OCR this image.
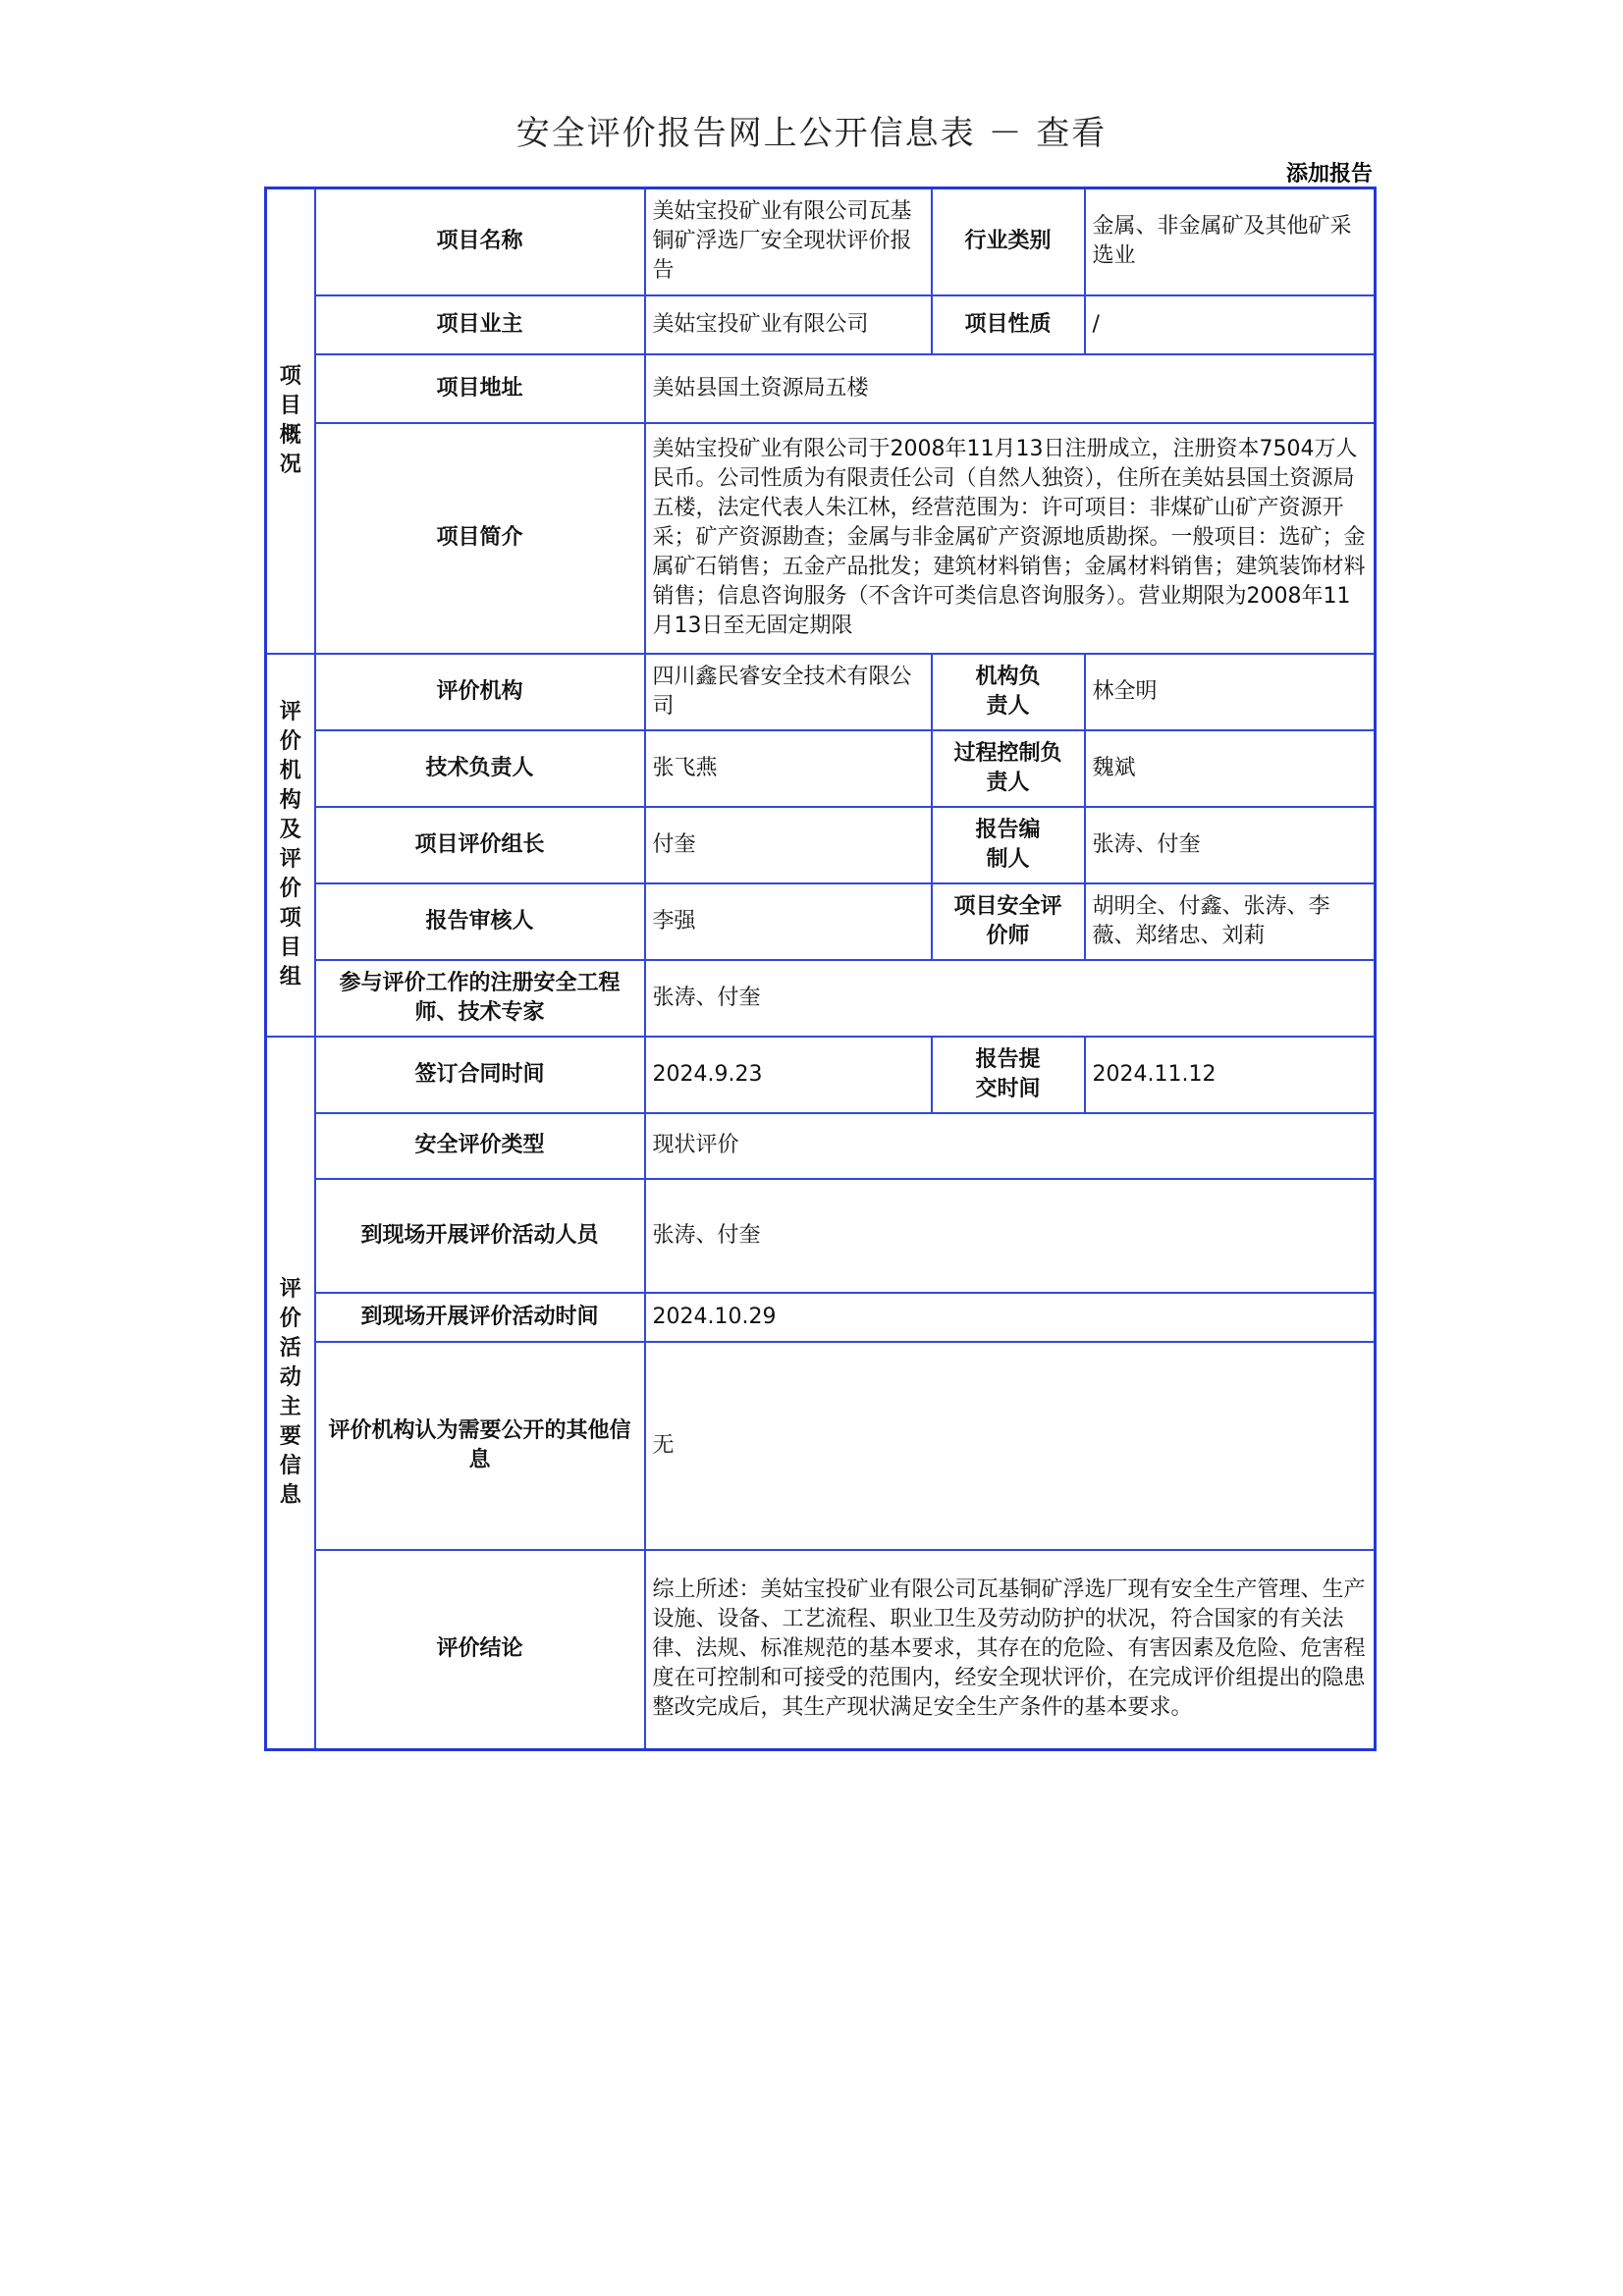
安全评价报告网上公开信息表 － 查看
添加报告
项目概况	项目名称	美姑宝投矿业有限公司瓦基铜矿浮选厂安全现状评价报告	行业类别	金属、非金属矿及其他矿采选业
	项目业主	美姑宝投矿业有限公司	项目性质	/
	项目地址	美姑县国土资源局五楼		
	项目简介	美姑宝投矿业有限公司于2008年11月13日注册成立，注册资本7504万人民币。公司性质为有限责任公司（自然人独资），住所在美姑县国土资源局五楼，法定代表人朱江林，经营范围为：许可项目：非煤矿山矿产资源开采；矿产资源勘查；金属与非金属矿产资源地质勘探。一般项目：选矿；金属矿石销售；五金产品批发；建筑材料销售；金属材料销售；建筑装饰材料销售；信息咨询服务（不含许可类信息咨询服务）。营业期限为2008年11月13日至无固定期限		

评价机构及评价项目组	评价机构	四川鑫民睿安全技术有限公司	机构负责人	林全明
	技术负责人	张飞燕	过程控制负责人	魏斌
	项目评价组长	付奎	报告编制人	张涛、付奎
	报告审核人	李强	项目安全评价师	胡明全、付鑫、张涛、李薇、郑绪忠、刘莉
	参与评价工作的注册安全工程师、技术专家	张涛、付奎		

评价活动主要信息	签订合同时间	2024.9.23	报告提交时间	2024.11.12
	安全评价类型	现状评价		
	到现场开展评价活动人员	张涛、付奎		
	到现场开展评价活动时间	2024.10.29		
	评价机构认为需要公开的其他信息	无		
	评价结论	综上所述：美姑宝投矿业有限公司瓦基铜矿浮选厂现有安全生产管理、生产设施、设备、工艺流程、职业卫生及劳动防护的状况，符合国家的有关法律、法规、标准规范的基本要求，其存在的危险、有害因素及危险、危害程度在可控制和可接受的范围内，经安全现状评价，在完成评价组提出的隐患整改完成后，其生产现状满足安全生产条件的基本要求。		
